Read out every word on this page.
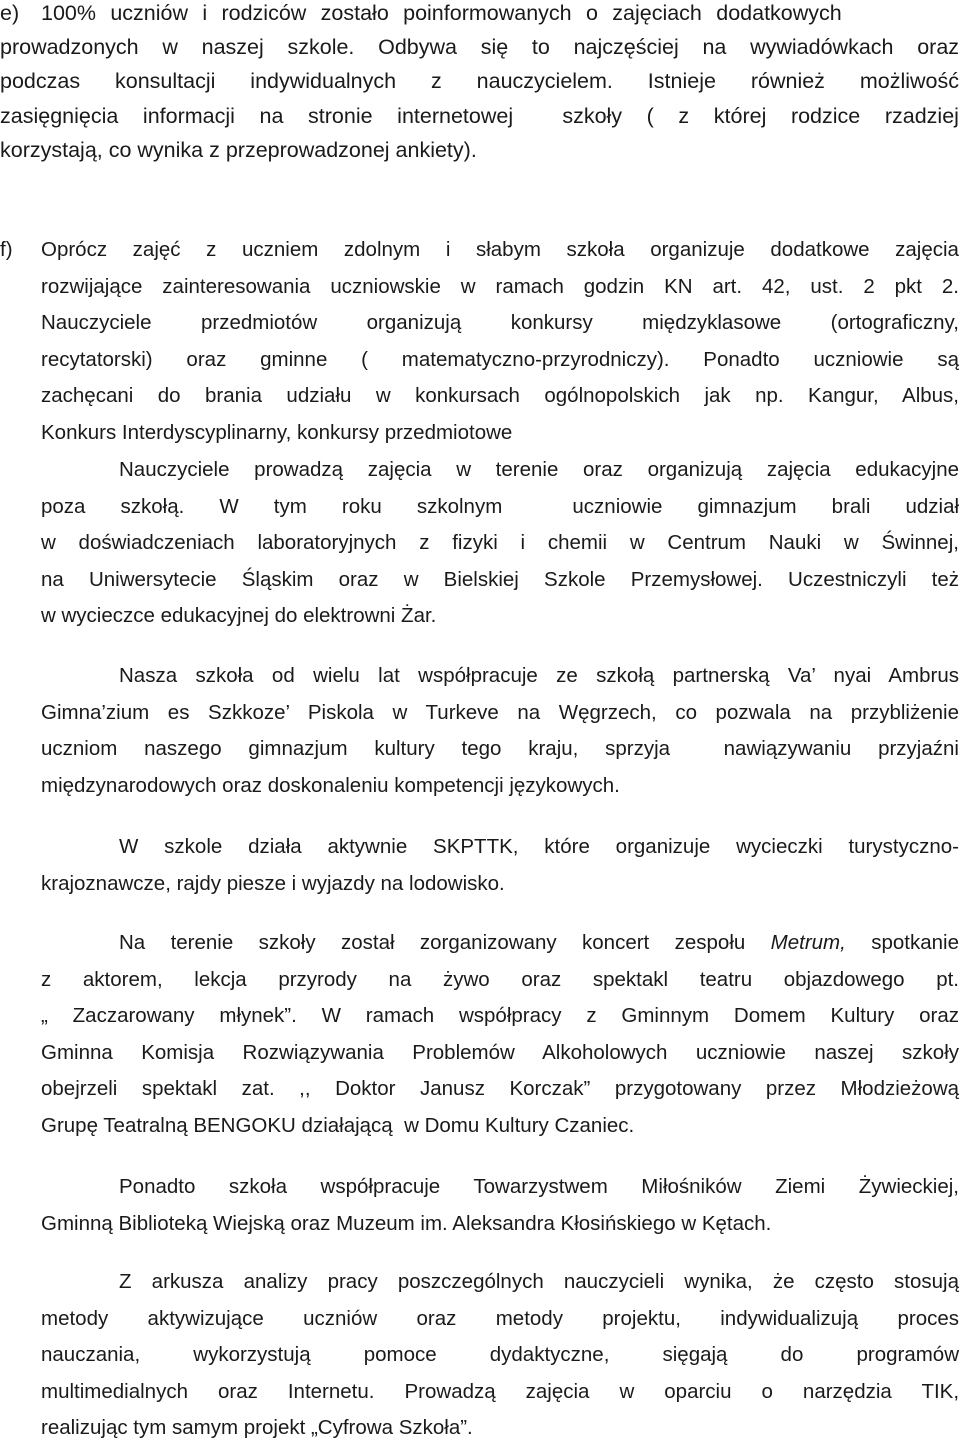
e) 100% uczniów i rodziców zostało poinformowanych o zajęciach dodatkowych
prowadzonych w naszej szkole. Odbywa się to najczęściej na wywiadówkach oraz
podczas konsultacji indywidualnych z nauczycielem. Istnieje również możliwość
zasięgnięcia informacji na stronie internetowej  szkoły ( z której rodzice rzadziej
korzystają, co wynika z przeprowadzonej ankiety).
f) Oprócz zajęć z uczniem zdolnym i słabym szkoła organizuje dodatkowe zajęcia
rozwijające zainteresowania uczniowskie w ramach godzin KN art. 42, ust. 2 pkt 2.
Nauczyciele przedmiotów organizują konkursy międzyklasowe (ortograficzny,
recytatorski) oraz gminne ( matematyczno-przyrodniczy). Ponadto uczniowie są
zachęcani do brania udziału w konkursach ogólnopolskich jak np. Kangur, Albus,
Konkurs Interdyscyplinarny, konkursy przedmiotowe
Nauczyciele prowadzą zajęcia w terenie oraz organizują zajęcia edukacyjne
poza szkołą. W tym roku szkolnym  uczniowie gimnazjum brali udział
w doświadczeniach laboratoryjnych z fizyki i chemii w Centrum Nauki w Świnnej,
na Uniwersytecie Śląskim oraz w Bielskiej Szkole Przemysłowej. Uczestniczyli też
w wycieczce edukacyjnej do elektrowni Żar.
Nasza szkoła od wielu lat współpracuje ze szkołą partnerską Va’ nyai Ambrus
Gimna’zium es Szkkoze’ Piskola w Turkeve na Węgrzech, co pozwala na przybliżenie
uczniom naszego gimnazjum kultury tego kraju, sprzyja  nawiązywaniu przyjaźni
międzynarodowych oraz doskonaleniu kompetencji językowych.
W szkole działa aktywnie SKPTTK, które organizuje wycieczki turystyczno-
krajoznawcze, rajdy piesze i wyjazdy na lodowisko.
Na terenie szkoły został zorganizowany koncert zespołu Metrum, spotkanie
z aktorem, lekcja przyrody na żywo oraz spektakl teatru objazdowego pt.
„ Zaczarowany młynek”. W ramach współpracy z Gminnym Domem Kultury oraz
Gminna Komisja Rozwiązywania Problemów Alkoholowych uczniowie naszej szkoły
obejrzeli spektakl zat. ,, Doktor Janusz Korczak” przygotowany przez Młodzieżową
Grupę Teatralną BENGOKU działającą  w Domu Kultury Czaniec.
Ponadto szkoła współpracuje Towarzystwem Miłośników Ziemi Żywieckiej,
Gminną Biblioteką Wiejską oraz Muzeum im. Aleksandra Kłosińskiego w Kętach.
Z arkusza analizy pracy poszczególnych nauczycieli wynika, że często stosują
metody aktywizujące uczniów oraz metody projektu, indywidualizują proces
nauczania, wykorzystują pomoce dydaktyczne, sięgają do programów
multimedialnych oraz Internetu. Prowadzą zajęcia w oparciu o narzędzia TIK,
realizując tym samym projekt „Cyfrowa Szkoła”.
